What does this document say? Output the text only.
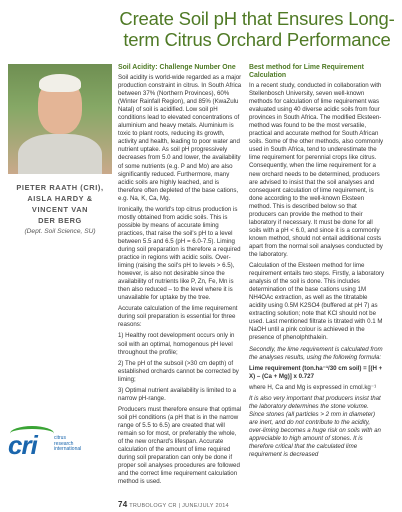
Create Soil pH that Ensures Long-term Citrus Orchard Performance
PIETER RAATH (CRI),
AISLA HARDY &
VINCENT VAN
DER BERG
(Dept. Soil Science, SU)
Soil Acidity: Challenge Number One

Soil acidity is world-wide regarded as a major production constraint in citrus. In South Africa between 37% (Northern Provinces), 60% (Winter Rainfall Region), and 85% (KwaZulu Natal) of soil is acidified. Low soil pH conditions lead to elevated concentrations of aluminium and heavy metals. Aluminium is toxic to plant roots, reducing its growth, activity and health, leading to poor water and nutrient uptake. As soil pH progressively decreases from 5.0 and lower, the availability of some nutrients (e.g. P and Mo) are also significantly reduced. Furthermore, many acidic soils are highly leached, and is therefore often depleted of the base cations, e.g. Na, K, Ca, Mg.

Ironically, the world's top citrus production is mostly obtained from acidic soils. This is possible by means of accurate liming practices, that raise the soil's pH to a level between 5.5 and 6.5 (pH = 6.0-7.5). Liming during soil preparation is therefore a required practice in regions with acidic soils. Over-liming (raising the soil's pH to levels > 6.5), however, is also not desirable since the availability of nutrients like P, Zn, Fe, Mn is then also reduced – to the level where it is unavailable for uptake by the tree.

Accurate calculation of the lime requirement during soil preparation is essential for three reasons:

1) Healthy root development occurs only in soil with an optimal, homogenous pH level throughout the profile;

2) The pH of the subsoil (>30 cm depth) of established orchards cannot be corrected by liming;

3) Optimal nutrient availability is limited to a narrow pH-range.

Producers must therefore ensure that optimal soil pH conditions (a pH that is in the narrow range of 5.5 to 6.5) are created that will remain so for most, or preferably the whole, of the new orchard's lifespan. Accurate calculation of the amount of lime required during soil preparation can only be done if proper soil analyses procedures are followed and the correct lime requirement calculation method is used.

Best method for Lime Requirement Calculation

In a recent study, conducted in collaboration with Stellenbosch University, seven well-known methods for calculation of lime requirement was evaluated using 40 diverse acidic soils from four provinces in South Africa. The modified Eksteen-method was found to be the most versatile, practical and accurate method for South African soils. Some of the other methods, also commonly used in South Africa, tend to underestimate the lime requirement for perennial crops like citrus. Consequently, when the lime requirement for a new orchard needs to be determined, producers are advised to insist that the soil analyses and consequent calculation of lime requirement, is done according to the well-known Eksteen method. This is described below so that producers can provide the method to their laboratory if necessary. It must be done for all soils with a pH < 6.0, and since it is a commonly known method, should not entail additional costs apart from the normal soil analyses conducted by the laboratory.

Calculation of the Eksteen method for lime requirement entails two steps. Firstly, a laboratory analysis of the soil is done. This includes determination of the base cations using 1M NH4OAc extraction, as well as the titratable acidity using 0.5M K2SO4 (buffered at pH 7) as extracting solution; note that KCl should not be used. Last mentioned filtrate is titrated with 0.1 M NaOH until a pink colour is achieved in the presence of phenolphthalein.

Secondly, the lime requirement is calculated from the analyses results, using the following formula:

Lime requirement (ton.ha⁻¹/30 cm soil) = [(H + X) – (Ca + Mg)] x 0.727

where H, Ca and Mg is expressed in cmol.kg⁻¹

It is also very important that producers insist that the laboratory determines the stone volume. Since stones (all particles > 2 mm in diameter) are inert, and do not contribute to the acidity, over-liming becomes a huge risk on soils with an appreciable to high amount of stones. It is therefore critical that the calculated lime requirement is decreased

cri	citrus
research
international
74 TRUBOLOGY CR | JUNE/JULY 2014
